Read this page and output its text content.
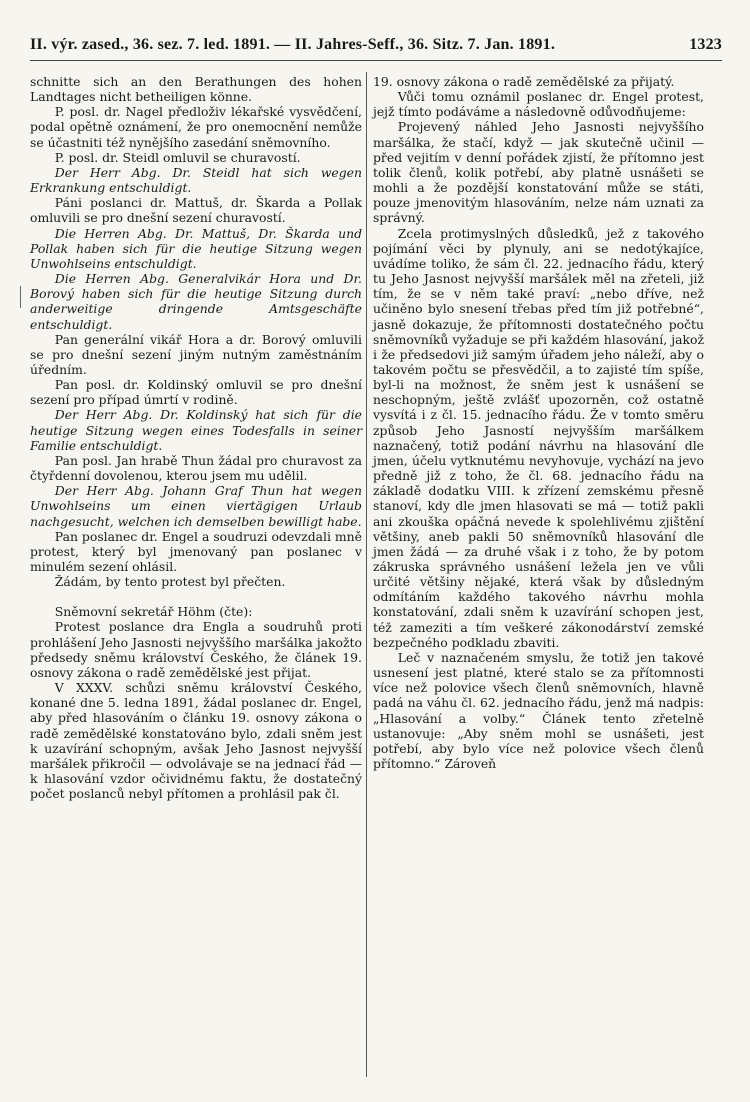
II. výr. zased., 36. sez. 7. led. 1891. — II. Jahres-Seff., 36. Sitz. 7. Jan. 1891.	1323

schnitte sich an den Berathungen des hohen Landtages nicht betheiligen könne.

P. posl. dr. Nagel předloživ lékařské vysvědčení, podal opětně oznámení, že pro onemocnění nemůže se účastniti též nynějšího zasedání sněmovního.

P. posl. dr. Steidl omluvil se churavostí.

Der Herr Abg. Dr. Steidl hat sich wegen Erkrankung entschuldigt.

Páni poslanci dr. Mattuš, dr. Škarda a Pollak omluvili se pro dnešní sezení churavostí.

Die Herren Abg. Dr. Mattuš, Dr. Škarda und Pollak haben sich für die heutige Sitzung wegen Unwohlseins entschuldigt.

Die Herren Abg. Generalvikár Hora und Dr. Borový haben sich für die heutige Sitzung durch anderweitige dringende Amtsgeschäfte entschuldigt.

Pan generální vikář Hora a dr. Borový omluvili se pro dnešní sezení jiným nutným zaměstnáním úředním.

Pan posl. dr. Koldinský omluvil se pro dnešní sezení pro případ úmrtí v rodině.

Der Herr Abg. Dr. Koldinský hat sich für die heutige Sitzung wegen eines Todesfalls in seiner Familie entschuldigt.

Pan posl. Jan hrabě Thun žádal pro churavost za čtyřdenní dovolenou, kterou jsem mu udělil.

Der Herr Abg. Johann Graf Thun hat wegen Unwohlseins um einen viertägigen Urlaub nachgesucht, welchen ich demselben bewilligt habe.

Pan poslanec dr. Engel a soudruzi odevzdali mně protest, který byl jmenovaný pan poslanec v minulém sezení ohlásil.

Žádám, by tento protest byl přečten.

Sněmovní sekretář Höhm (čte):

Protest poslance dra Engla a soudruhů proti prohlášení Jeho Jasnosti nejvyššího maršálka jakožto předsedy sněmu království Českého, že článek 19. osnovy zákona o radě zemědělské jest přijat.

V XXXV. schůzi sněmu království Českého, konané dne 5. ledna 1891, žádal poslanec dr. Engel, aby před hlasováním o článku 19. osnovy zákona o radě zemědělské konstatováno bylo, zdali sněm jest k uzavírání schopným, avšak Jeho Jasnost nejvyšší maršálek přikročil — odvolávaje se na jednací řád — k hlasování vzdor očividnému faktu, že dostatečný počet poslanců nebyl přítomen a prohlásil pak čl.

19. osnovy zákona o radě zemědělské za přijatý.

Vůči tomu oznámil poslanec dr. Engel protest, jejž tímto podáváme a následovně odůvodňujeme:

Projevený náhled Jeho Jasnosti nejvyššího maršálka, že stačí, když — jak skutečně učinil — před vejitím v denní pořádek zjistí, že přítomno jest tolik členů, kolik potřebí, aby platně usnášeti se mohli a že pozdější konstatování může se státi, pouze jmenovitým hlasováním, nelze nám uznati za správný.

Zcela protimyslných důsledků, jež z takového pojímání věci by plynuly, ani se nedotýkajíce, uvádíme toliko, že sám čl. 22. jednacího řádu, který tu Jeho Jasnost nejvyšší maršálek měl na zřeteli, již tím, že se v něm také praví: „nebo dříve, než učiněno bylo snesení třebas před tím již potřebné“, jasně dokazuje, že přítomnosti dostatečného počtu sněmovníků vyžaduje se při každém hlasování, jakož i že předsedovi již samým úřadem jeho náleží, aby o takovém počtu se přesvědčil, a to zajisté tím spíše, byl-li na možnost, že sněm jest k usnášení se neschopným, ještě zvlášť upozorněn, což ostatně vysvítá i z čl. 15. jednacího řádu. Že v tomto směru způsob Jeho Jasností nejvyšším maršálkem naznačený, totiž podání návrhu na hlasování dle jmen, účelu vytknutému nevyhovuje, vychází na jevo předně již z toho, že čl. 68. jednacího řádu na základě dodatku VIII. k zřízení zemskému přesně stanoví, kdy dle jmen hlasovati se má — totiž pakli ani zkouška opáčná nevede k spolehlivému zjištění většiny, aneb pakli 50 sněmovníků hlasování dle jmen žádá — za druhé však i z toho, že by potom zákruska správného usnášení ležela jen ve vůli určité většiny nějaké, která však by důsledným odmítáním každého takového návrhu mohla konstatování, zdali sněm k uzavírání schopen jest, též zameziti a tím veškeré zákonodárství zemské bezpečného podkladu zbaviti.

Leč v naznačeném smyslu, že totiž jen takové usnesení jest platné, které stalo se za přítomnosti více než polovice všech členů sněmovních, hlavně padá na váhu čl. 62. jednacího řádu, jenž má nadpis: „Hlasování a volby.“ Článek tento zřetelně ustanovuje: „Aby sněm mohl se usnášeti, jest potřebí, aby bylo více než polovice všech členů přítomno.“ Zároveň
